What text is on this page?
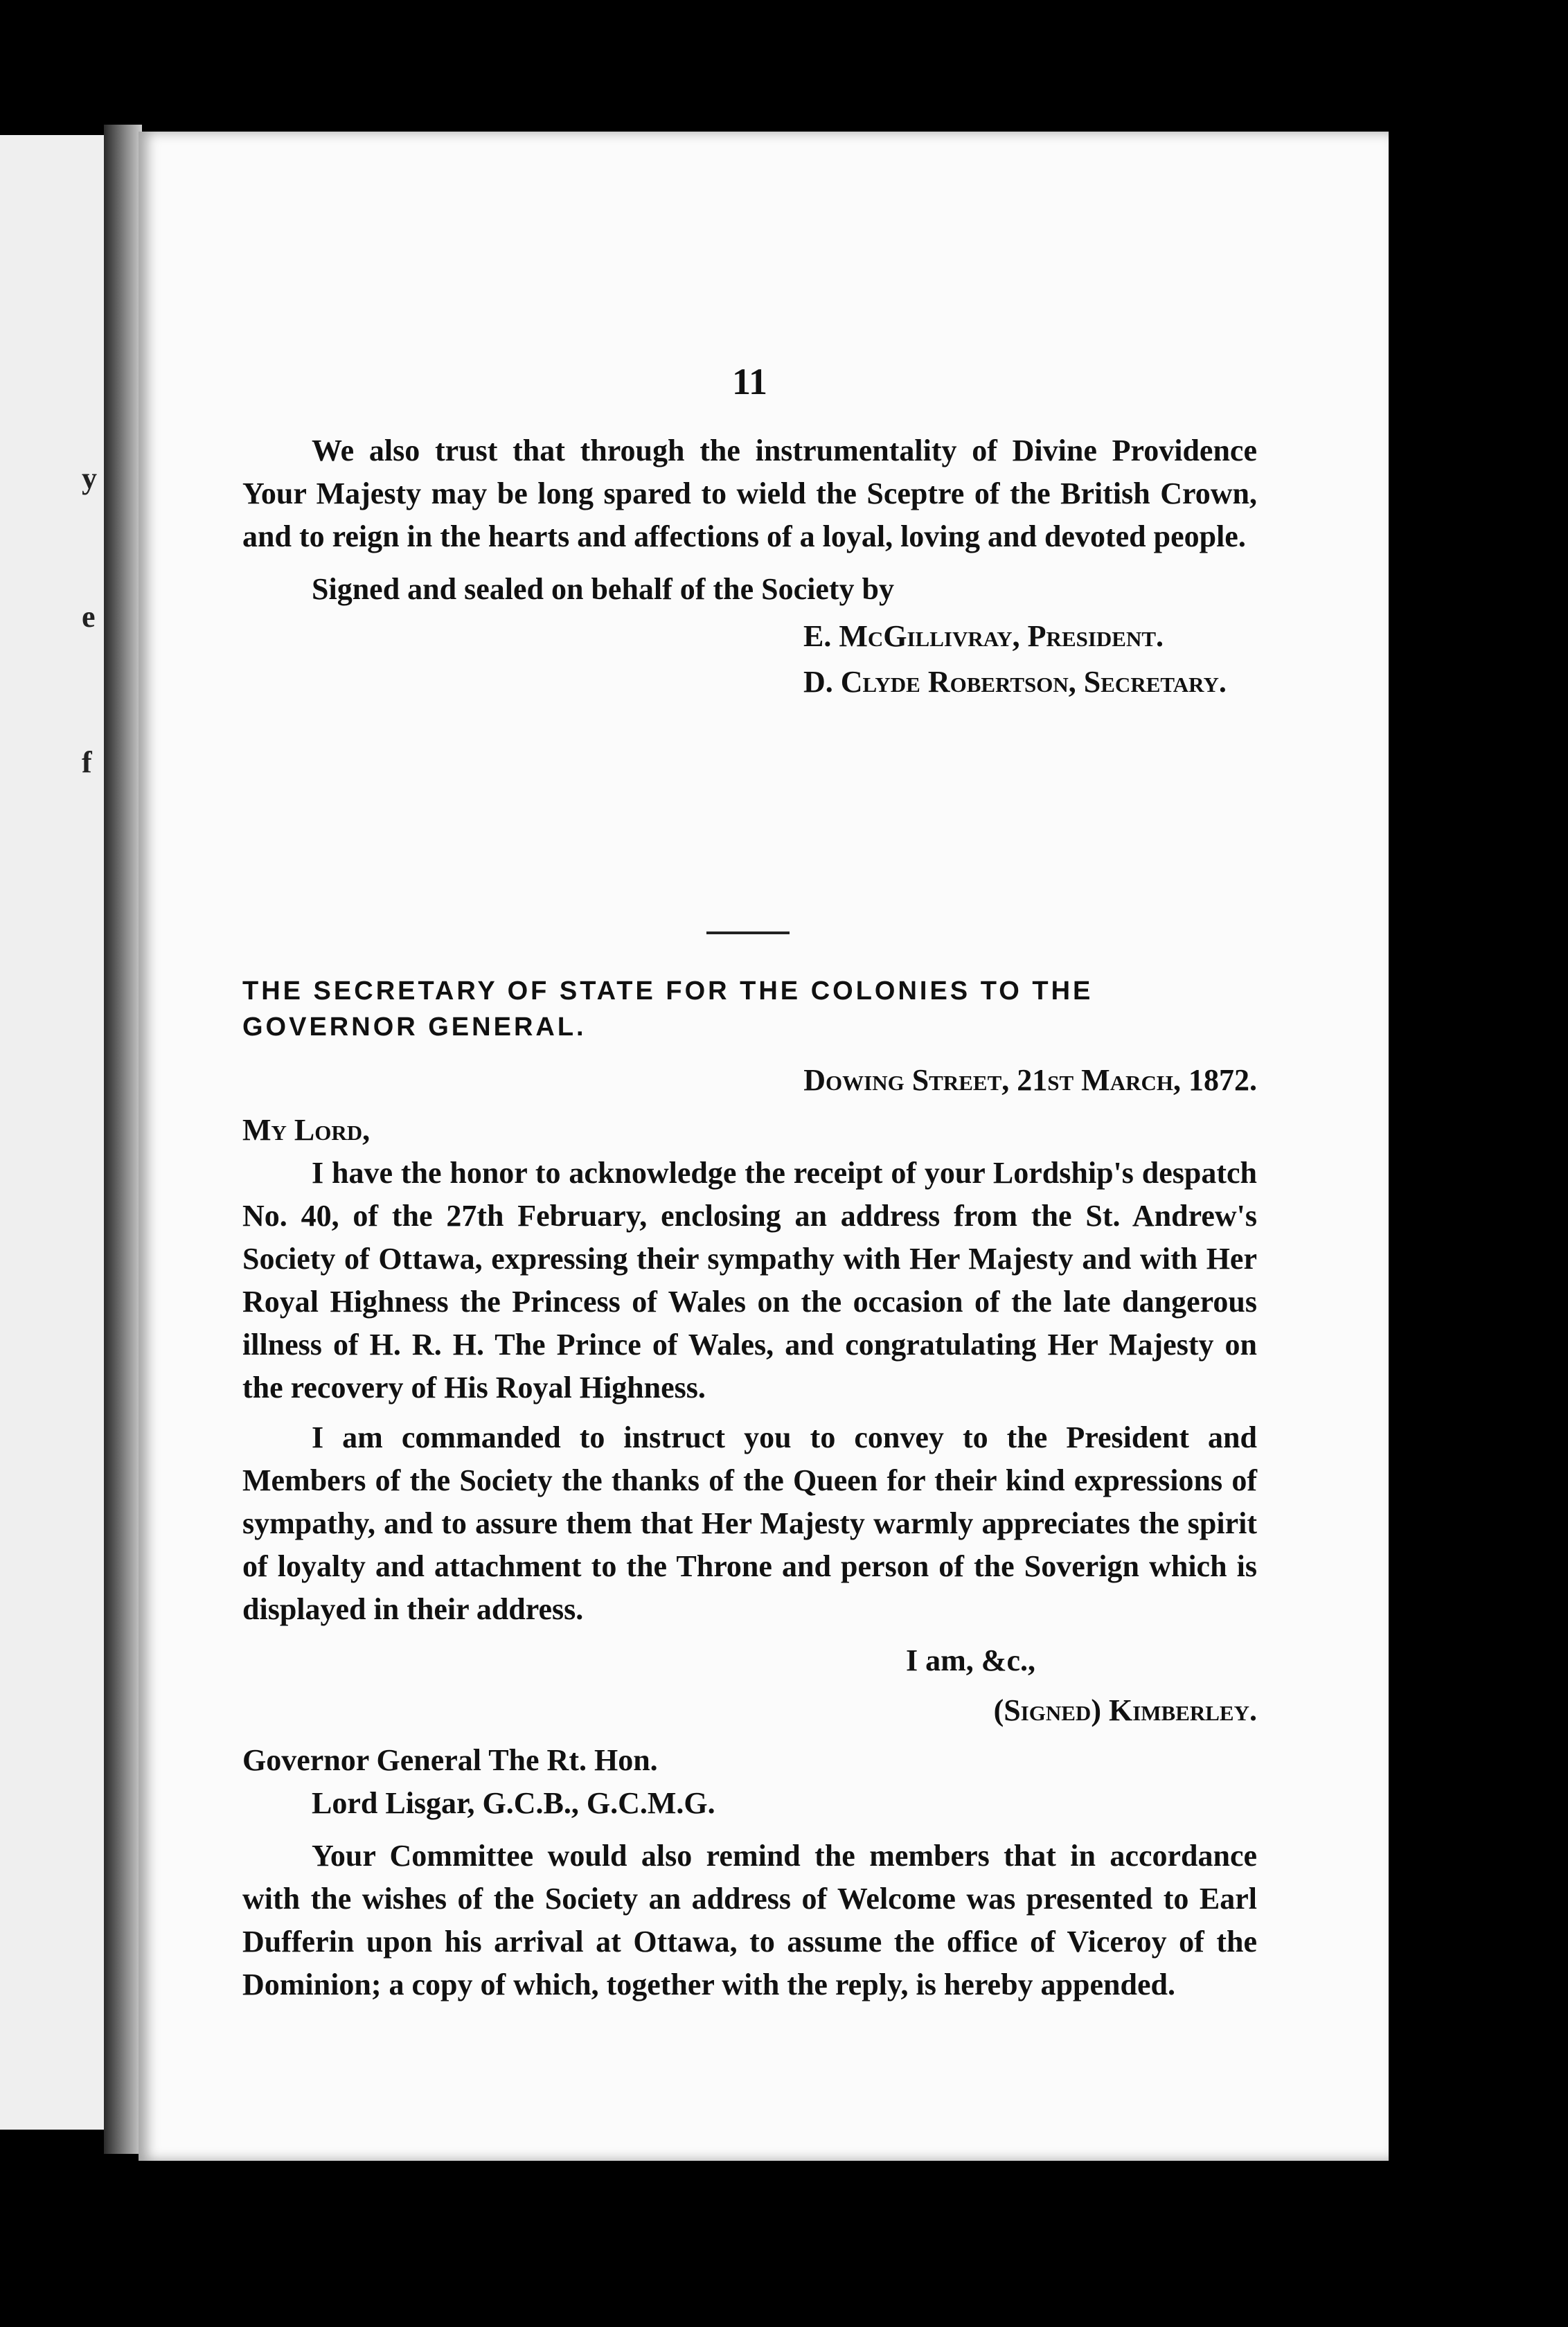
y
e
f
11

We also trust that through the instrumentality of Divine Providence Your Majesty may be long spared to wield the Sceptre of the British Crown, and to reign in the hearts and affections of a loyal, loving and devoted people.

Signed and sealed on behalf of the Society by

E. McGillivray, President.
D. Clyde Robertson, Secretary.
THE SECRETARY OF STATE FOR THE COLONIES TO THE GOVERNOR GENERAL.
Dowing Street, 21st March, 1872.
My Lord,

I have the honor to acknowledge the receipt of your Lordship's despatch No. 40, of the 27th February, enclosing an address from the St. Andrew's Society of Ottawa, expressing their sympathy with Her Majesty and with Her Royal Highness the Princess of Wales on the occasion of the late dangerous illness of H. R. H. The Prince of Wales, and congratulating Her Majesty on the recovery of His Royal Highness.

I am commanded to instruct you to convey to the President and Members of the Society the thanks of the Queen for their kind expressions of sympathy, and to assure them that Her Majesty warmly appreciates the spirit of loyalty and attachment to the Throne and person of the Soverign which is displayed in their address.

I am, &c.,
(Signed) Kimberley.
Governor General The Rt. Hon.
Lord Lisgar, G.C.B., G.C.M.G.

Your Committee would also remind the members that in accordance with the wishes of the Society an address of Welcome was presented to Earl Dufferin upon his arrival at Ottawa, to assume the office of Viceroy of the Dominion; a copy of which, together with the reply, is hereby appended.
